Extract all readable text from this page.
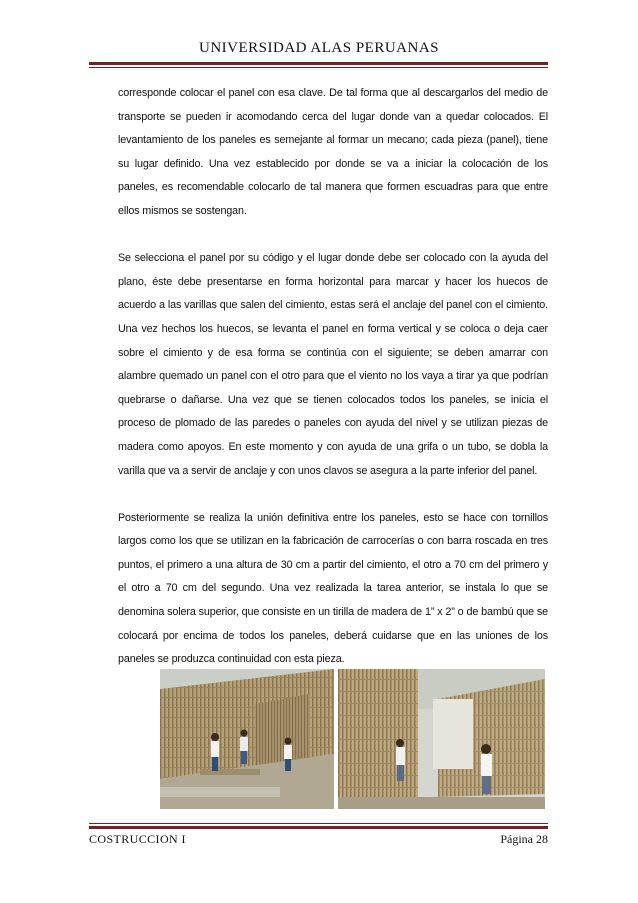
UNIVERSIDAD ALAS PERUANAS

corresponde colocar el panel con esa clave. De tal forma que al descargarlos del medio de transporte se pueden ir acomodando cerca del lugar donde van a quedar colocados. El levantamiento de los paneles es semejante al formar un mecano; cada pieza (panel), tiene su lugar definido. Una vez establecido por donde se va a iniciar la colocación de los paneles, es recomendable colocarlo de tal manera que formen escuadras para que entre ellos mismos se sostengan.

Se selecciona el panel por su código y el lugar donde debe ser colocado con la ayuda del plano, éste debe presentarse en forma horizontal para marcar y hacer los huecos de acuerdo a las varillas que salen del cimiento, estas será el anclaje del panel con el cimiento. Una vez hechos los huecos, se levanta el panel en forma vertical y se coloca o deja caer sobre el cimiento y de esa forma se continúa con el siguiente; se deben amarrar con alambre quemado un panel con el otro para que el viento no los vaya a tirar ya que podrían quebrarse o dañarse. Una vez que se tienen colocados todos los paneles, se inicia el proceso de plomado de las paredes o paneles con ayuda del nivel y se utilizan piezas de madera como apoyos. En este momento y con ayuda de una grifa o un tubo, se dobla la varilla que va a servir de anclaje y con unos clavos se asegura a la parte inferior del panel.

Posteriormente se realiza la unión definitiva entre los paneles, esto se hace con tornillos largos como los que se utilizan en la fabricación de carrocerías o con barra roscada en tres puntos, el primero a una altura de 30 cm a partir del cimiento, el otro a 70 cm del primero y el otro a 70 cm del segundo. Una vez realizada la tarea anterior, se instala lo que se denomina solera superior, que consiste en un tirilla de madera de 1” x 2” o de bambú que se colocará por encima de todos los paneles, deberá cuidarse que en las uniones de los paneles se produzca continuidad con esta pieza.

COSTRUCCION I	Página 28
